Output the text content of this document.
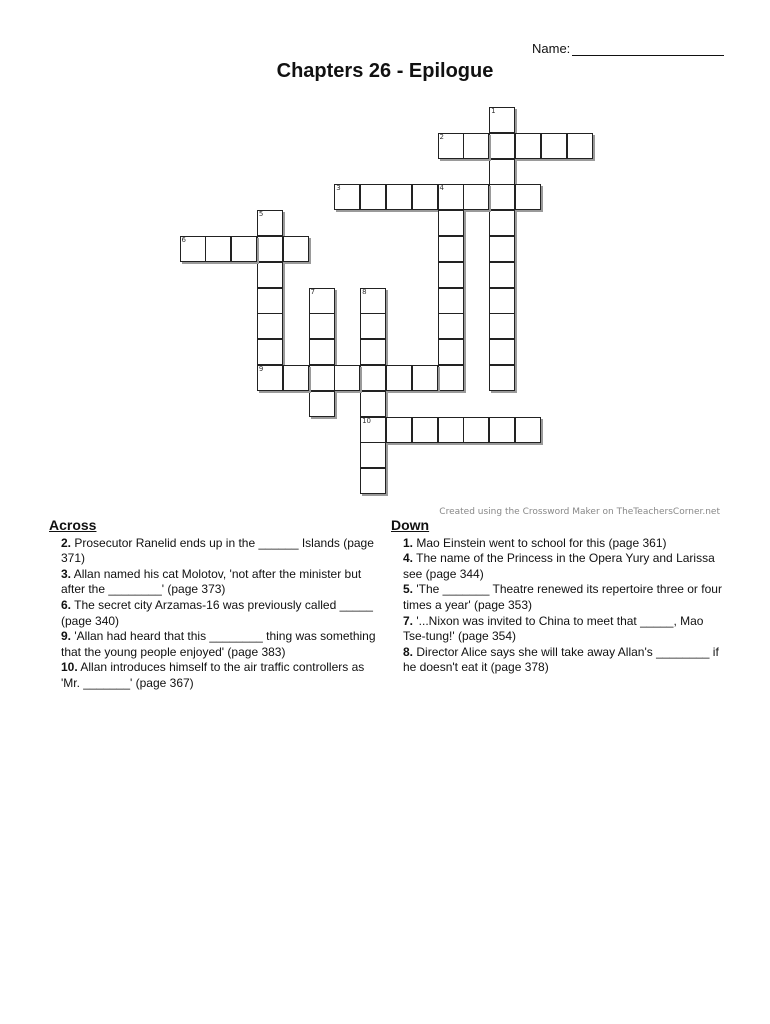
Name:
Chapters 26 - Epilogue
1
2
3	4
5
6
7	8
9
10
Created using the Crossword Maker on TheTeachersCorner.net
Across
2. Prosecutor Ranelid ends up in the ______ Islands (page 371)
3. Allan named his cat Molotov, 'not after the minister but after the ________' (page 373)
6. The secret city Arzamas-16 was previously called _____ (page 340)
9. 'Allan had heard that this ________ thing was something that the young people enjoyed' (page 383)
10. Allan introduces himself to the air traffic controllers as 'Mr. _______' (page 367)
Down
1. Mao Einstein went to school for this (page 361)
4. The name of the Princess in the Opera Yury and Larissa see (page 344)
5. 'The _______ Theatre renewed its repertoire three or four times a year' (page 353)
7. '...Nixon was invited to China to meet that _____, Mao Tse-tung!' (page 354)
8. Director Alice says she will take away Allan's ________ if he doesn't eat it (page 378)
